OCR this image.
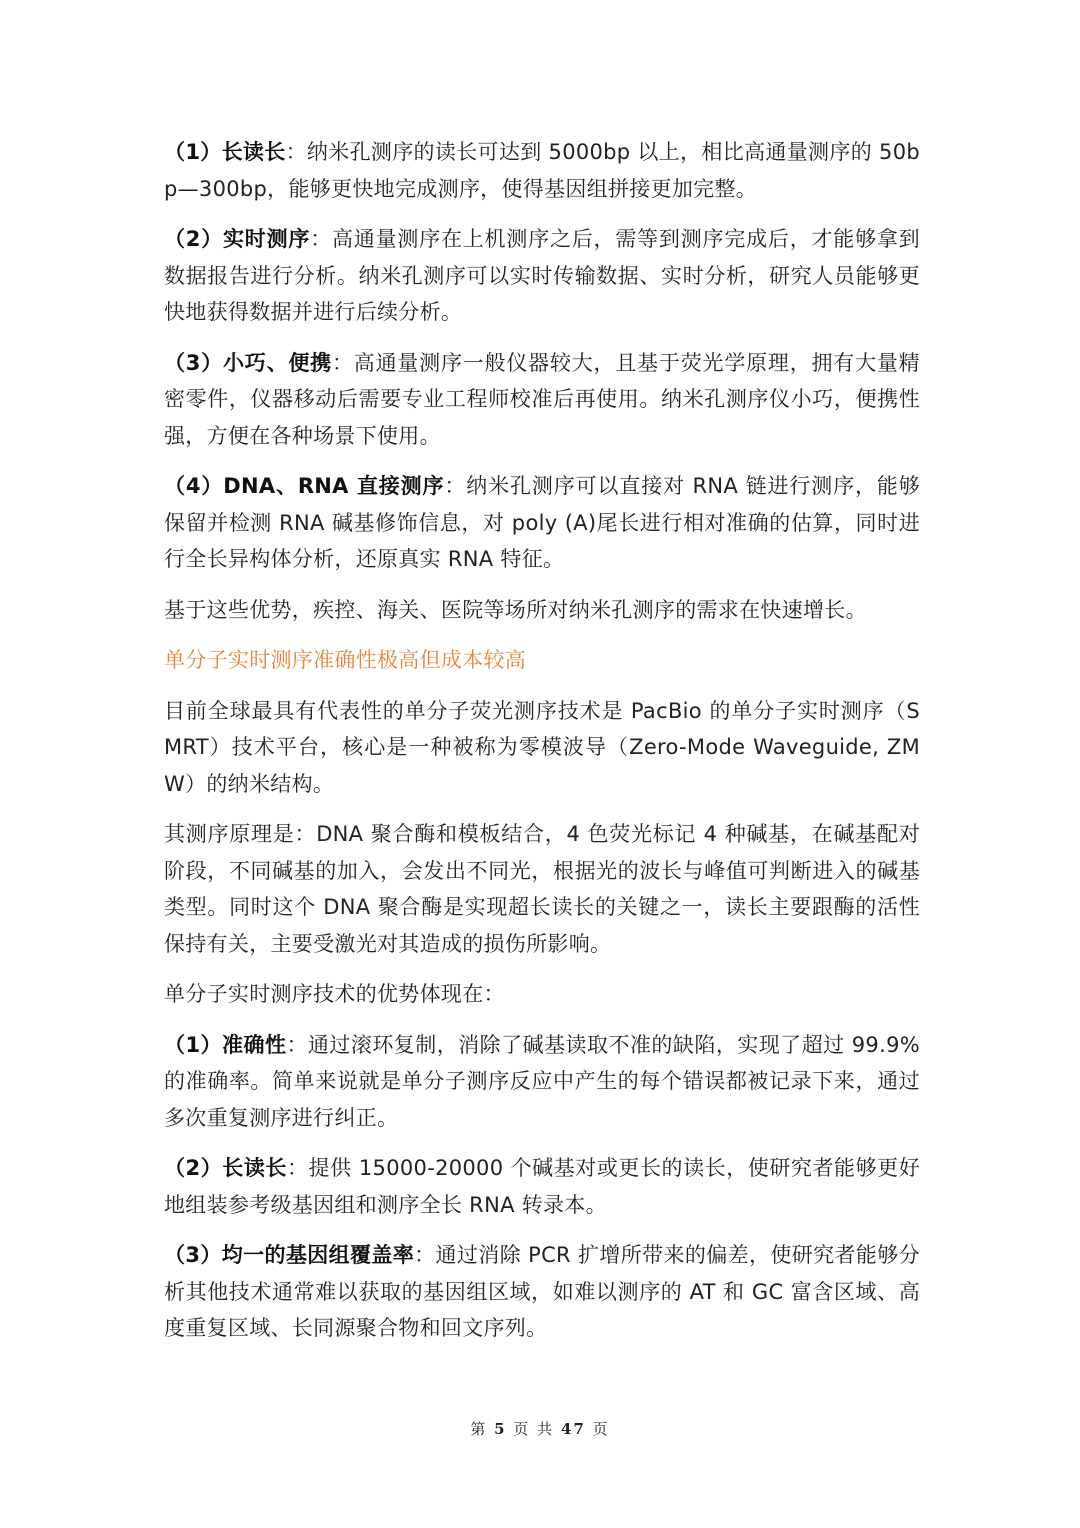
（1）长读长：纳米孔测序的读长可达到 5000bp 以上，相比高通量测序的 50bp—300bp，能够更快地完成测序，使得基因组拼接更加完整。

（2）实时测序：高通量测序在上机测序之后，需等到测序完成后，才能够拿到数据报告进行分析。纳米孔测序可以实时传输数据、实时分析，研究人员能够更快地获得数据并进行后续分析。

（3）小巧、便携：高通量测序一般仪器较大，且基于荧光学原理，拥有大量精密零件，仪器移动后需要专业工程师校准后再使用。纳米孔测序仪小巧，便携性强，方便在各种场景下使用。

（4）DNA、RNA 直接测序：纳米孔测序可以直接对 RNA 链进行测序，能够保留并检测 RNA 碱基修饰信息，对 poly (A)尾长进行相对准确的估算，同时进行全长异构体分析，还原真实 RNA 特征。

基于这些优势，疾控、海关、医院等场所对纳米孔测序的需求在快速增长。

单分子实时测序准确性极高但成本较高

目前全球最具有代表性的单分子荧光测序技术是 PacBio 的单分子实时测序（SMRT）技术平台，核心是一种被称为零模波导（Zero-Mode Waveguide, ZMW）的纳米结构。

其测序原理是：DNA 聚合酶和模板结合，4 色荧光标记 4 种碱基，在碱基配对阶段，不同碱基的加入，会发出不同光，根据光的波长与峰值可判断进入的碱基类型。同时这个 DNA 聚合酶是实现超长读长的关键之一，读长主要跟酶的活性保持有关，主要受激光对其造成的损伤所影响。

单分子实时测序技术的优势体现在：

（1）准确性：通过滚环复制，消除了碱基读取不准的缺陷，实现了超过 99.9%的准确率。简单来说就是单分子测序反应中产生的每个错误都被记录下来，通过多次重复测序进行纠正。

（2）长读长：提供 15000-20000 个碱基对或更长的读长，使研究者能够更好地组装参考级基因组和测序全长 RNA 转录本。

（3）均一的基因组覆盖率：通过消除 PCR 扩增所带来的偏差，使研究者能够分析其他技术通常难以获取的基因组区域，如难以测序的 AT 和 GC 富含区域、高度重复区域、长同源聚合物和回文序列。

第 5 页 共 47 页
